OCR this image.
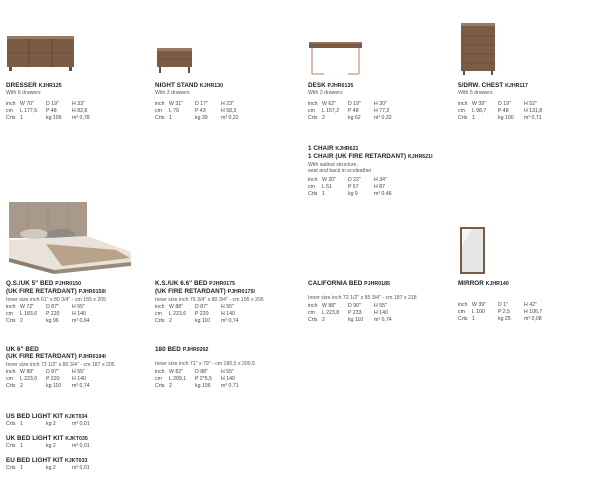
DRESSER KJHR125
With 6 drawers
inch W 70"	D 19"	H 33"
cm	L 177,6	P 48	H 82,8
Crts 1	kg 106	m³ 0,78
NIGHT STAND KJHR130
With 2 drawers
inch W 31"	D 17"	H 23"
cm	L 79	P 43	H 58,3
Crts 1	kg 39	m³ 0,22
DESK PJHR0135
With 2 drawers
inch W 62"	D 19"	H 30"
cm	L 157,2	P 48	H 77,3
Crts 2	kg 62	m³ 0,32
5/DRW. CHEST KJHR117
With 5 drawers
inch W 39"	D 19"	H 52"
cm	L 98,7	P 48	H 131,8
Crts 1	kg 100	m³ 0,71
1 CHAIR KJHR621
1 CHAIR (UK FIRE RETARDANT) KJHR621I
With walnut structure,
seat and back in ecoleather
inch W 20"	D 22"	H 34"
cm	L 51	P 57	H 87
Crts 1	kg 9	m³ 0,46
Q.S./UK 5" BED PJHR0150
(UK FIRE RETARDANT) PJHR0150I
Inner size inch 61" x 80 3/4" - cm 155 x 205
inch W 72"	D 87"	H 55"
cm	L 183,6	P 220	H 140
Crts 2	kg 96	m³ 0,64
K.S./UK 6.6" BED PJHR0175
(UK FIRE RETARDANT) PJHR0175I
Inner size inch 76 3/4" x 80 3/4" - cm 195 x 205
inch W 88"	D 87"	H 55"
cm	L 223,6	P 220	H 140
Crts 2	kg 110	m³ 0,74
CALIFORNIA BED PJHR0185
Inner size inch 72 1/2" x 85 3/4" - cm 187 x 218
inch W 88"	D 90"	H 55"
cm	L 223,8	P 233	H 140
Crts 2	kg 110	m³ 0,74
MIRROR KJHR140
inch W 39"	D 1"	H 42"
cm	L 100	P 2,5	H 106,7
Crts 1	kg 25	m³ 0,08
UK 6" BED
(UK FIRE RETARDANT) PJHR0194I
Inner size inch 73 1/2" x 80 3/4" - cm 187 x 205
inch W 88"	D 87"	H 55"
cm	L 223,6	P 220	H 140
Crts 2	kg 110	m³ 0,74
180 BED PJHR0202
Inner size inch 71" x 79" - cm 180,5 x 200,5
inch W 82"	D 88"	H 55"
cm	L 209,1	P 2*5,5	H 140
Crts 2	kg 106	m³ 0,71
US BED LIGHT KIT KJKT034
Crts 1	kg 2	m³ 0,01
UK BED LIGHT KIT KJKT035
Crts 1	kg 2	m³ 0,01
EU BED LIGHT KIT KJKT033
Crts 1	kg 2	m³ 0,01
